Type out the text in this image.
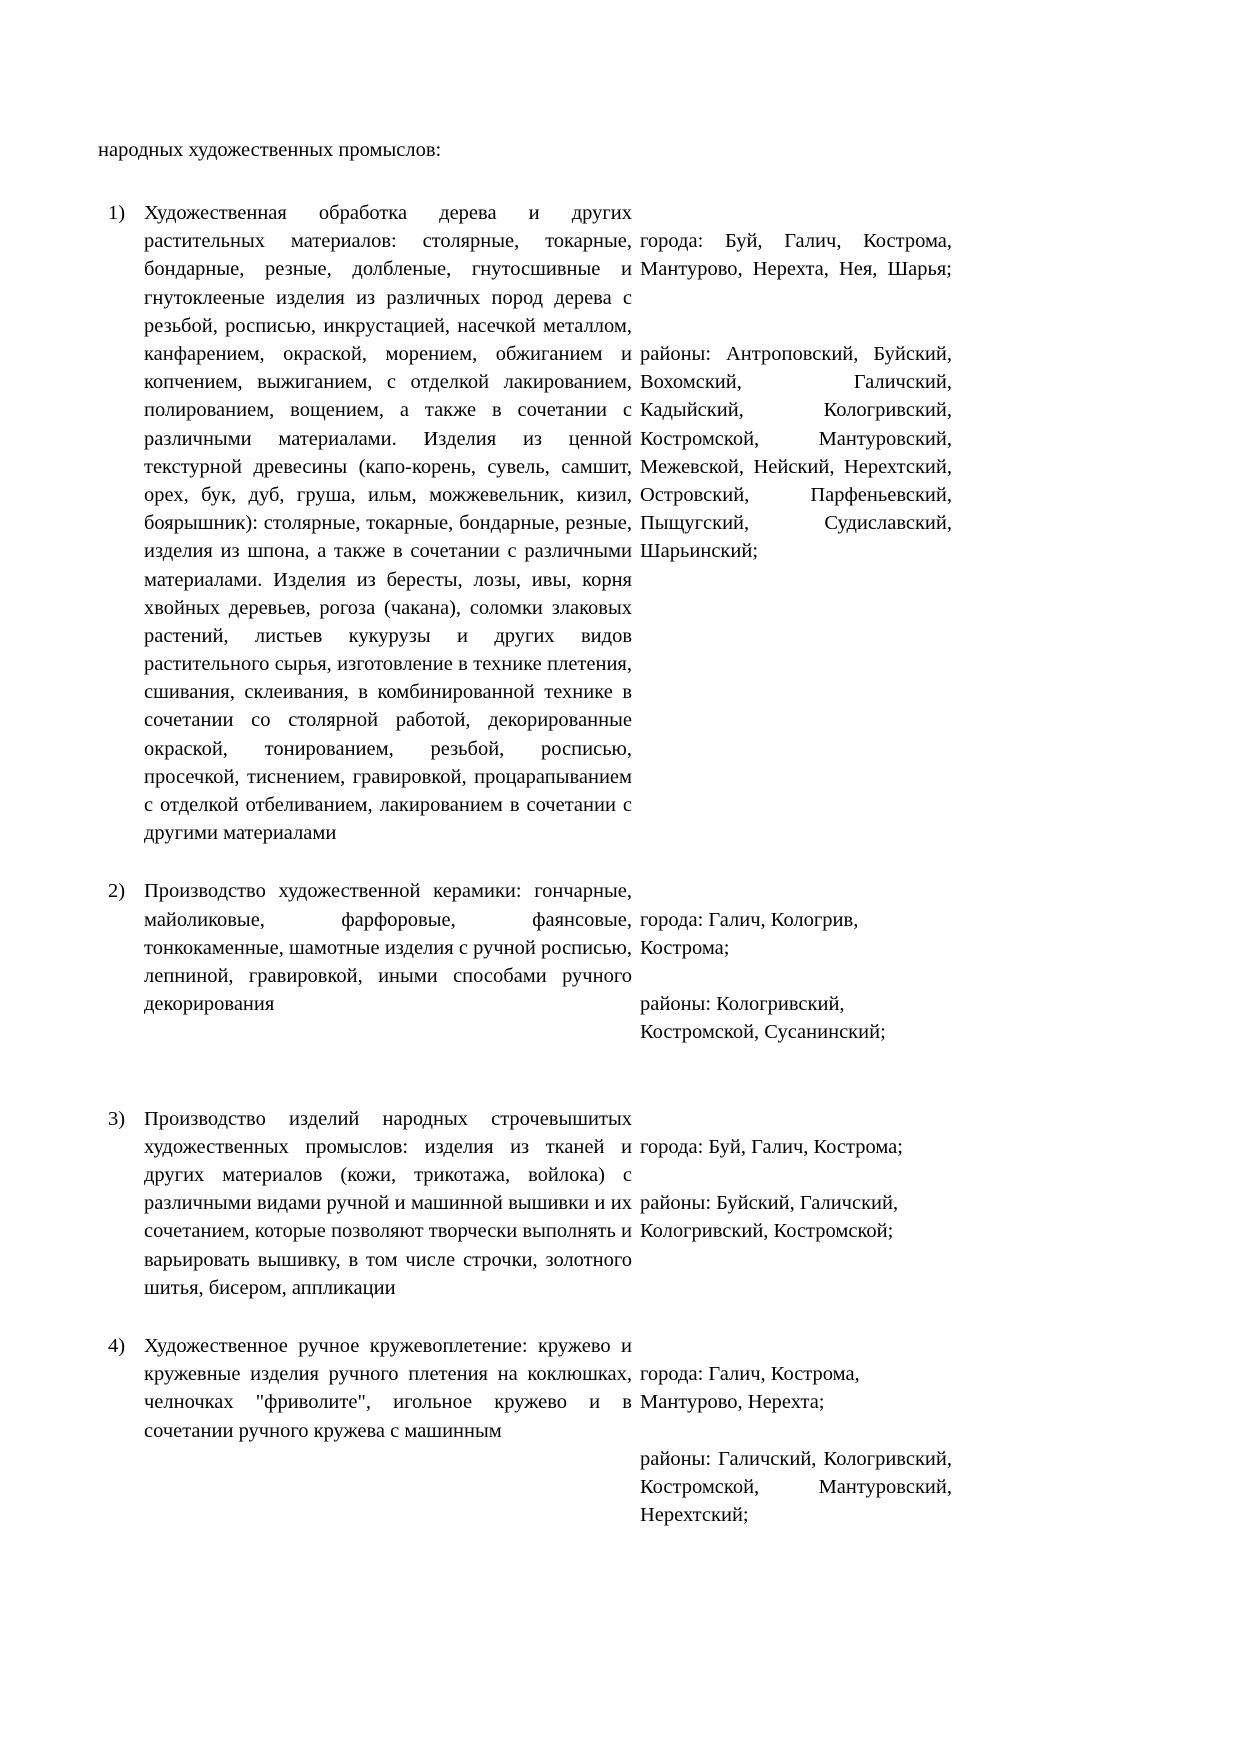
народных художественных промыслов:

1) Художественная обработка дерева и других растительных материалов: столярные, токарные, бондарные, резные, долбленые, гнутосшивные и гнутоклееные изделия из различных пород дерева с резьбой, росписью, инкрустацией, насечкой металлом, канфарением, окраской, морением, обжиганием и копчением, выжиганием, с отделкой лакированием, полированием, вощением, а также в сочетании с различными материалами. Изделия из ценной текстурной древесины (капо-корень, сувель, самшит, орех, бук, дуб, груша, ильм, можжевельник, кизил, боярышник): столярные, токарные, бондарные, резные, изделия из шпона, а также в сочетании с различными материалами. Изделия из бересты, лозы, ивы, корня хвойных деревьев, рогоза (чакана), соломки злаковых растений, листьев кукурузы и других видов растительного сырья, изготовление в технике плетения, сшивания, склеивания, в комбинированной технике в сочетании со столярной работой, декорированные окраской, тонированием, резьбой, росписью, просечкой, тиснением, гравировкой, процарапыванием с отделкой отбеливанием, лакированием в сочетании с другими материалами

города: Буй, Галич, Кострома, Мантурово, Нерехта, Нея, Шарья;

районы: Антроповский, Буйский, Вохомский, Галичский, Кадыйский, Кологривский, Костромской, Мантуровский, Межевской, Нейский, Нерехтский, Островский, Парфеньевский, Пыщугский, Судиславский, Шарьинский;

2) Производство художественной керамики: гончарные, майоликовые, фарфоровые, фаянсовые, тонкокаменные, шамотные изделия с ручной росписью, лепниной, гравировкой, иными способами ручного декорирования

города: Галич, Кологрив, Кострома;

районы: Кологривский, Костромской, Сусанинский;

3) Производство изделий народных строчевышитых художественных промыслов: изделия из тканей и других материалов (кожи, трикотажа, войлока) с различными видами ручной и машинной вышивки и их сочетанием, которые позволяют творчески выполнять и варьировать вышивку, в том числе строчки, золотного шитья, бисером, аппликации

города: Буй, Галич, Кострома;

районы: Буйский, Галичский, Кологривский, Костромской;

4) Художественное ручное кружевоплетение: кружево и кружевные изделия ручного плетения на коклюшках, челночках "фриволите", игольное кружево и в сочетании ручного кружева с машинным

города: Галич, Кострома, Мантурово, Нерехта;

районы: Галичский, Кологривский, Костромской, Мантуровский, Нерехтский;
